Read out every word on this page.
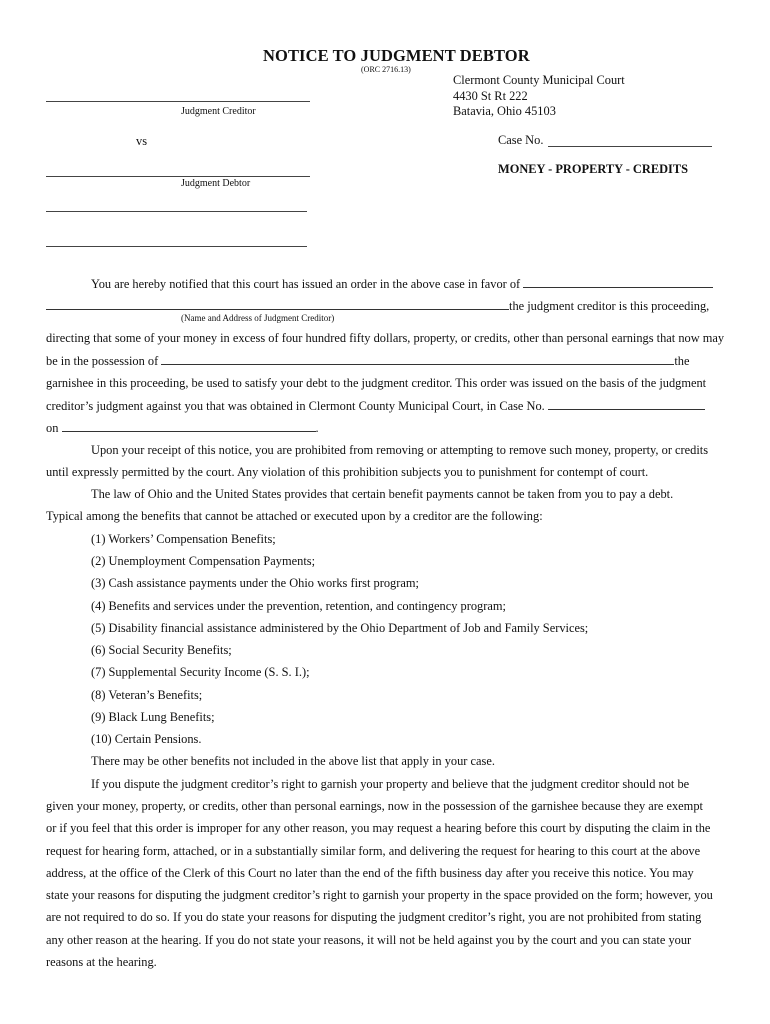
NOTICE TO JUDGMENT DEBTOR
(ORC 2716.13)
Clermont County Municipal Court
4430 St Rt 222
Batavia, Ohio 45103
Judgment Creditor
vs
Judgment Debtor
Case No.
MONEY - PROPERTY - CREDITS
You are hereby notified that this court has issued an order in the above case in favor of
the judgment creditor is this proceeding,
(Name and Address of Judgment Creditor)
directing that some of your money in excess of four hundred fifty dollars, property, or credits, other than personal earnings that now may
be in the possession of	the
garnishee in this proceeding, be used to satisfy your debt to the judgment creditor. This order was issued on the basis of the judgment
creditor’s judgment against you that was obtained in Clermont County Municipal Court, in Case No.
on	.
Upon your receipt of this notice, you are prohibited from removing or attempting to remove such money, property, or credits
until expressly permitted by the court. Any violation of this prohibition subjects you to punishment for contempt of court.
The law of Ohio and the United States provides that certain benefit payments cannot be taken from you to pay a debt.
Typical among the benefits that cannot be attached or executed upon by a creditor are the following:
(1) Workers’ Compensation Benefits;
(2) Unemployment Compensation Payments;
(3) Cash assistance payments under the Ohio works first program;
(4) Benefits and services under the prevention, retention, and contingency program;
(5) Disability financial assistance administered by the Ohio Department of Job and Family Services;
(6) Social Security Benefits;
(7) Supplemental Security Income (S. S. I.);
(8) Veteran’s Benefits;
(9) Black Lung Benefits;
(10) Certain Pensions.
There may be other benefits not included in the above list that apply in your case.
If you dispute the judgment creditor’s right to garnish your property and believe that the judgment creditor should not be
given your money, property, or credits, other than personal earnings, now in the possession of the garnishee because they are exempt
or if you feel that this order is improper for any other reason, you may request a hearing before this court by disputing the claim in the
request for hearing form, attached, or in a substantially similar form, and delivering the request for hearing to this court at the above
address, at the office of the Clerk of this Court no later than the end of the fifth business day after you receive this notice. You may
state your reasons for disputing the judgment creditor’s right to garnish your property in the space provided on the form; however, you
are not required to do so. If you do state your reasons for disputing the judgment creditor’s right, you are not prohibited from stating
any other reason at the hearing. If you do not state your reasons, it will not be held against you by the court and you can state your
reasons at the hearing.
